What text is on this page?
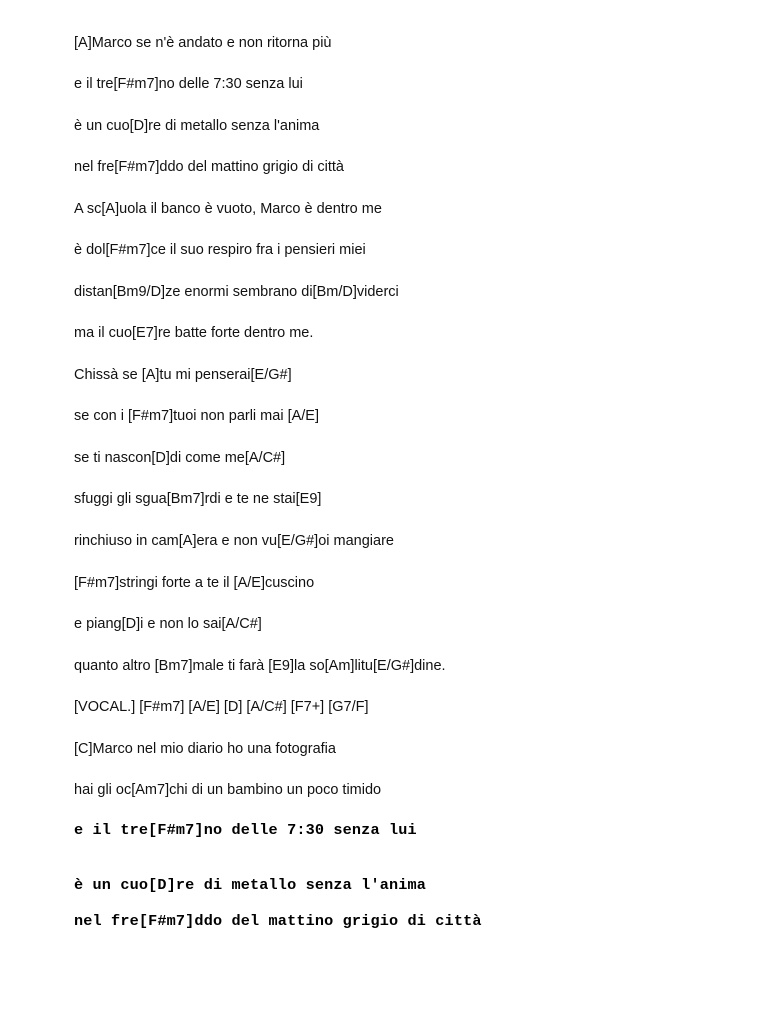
[A]Marco se n'è andato e non ritorna più
e il tre[F#m7]no delle 7:30 senza lui
è un cuo[D]re di metallo senza l'anima
nel fre[F#m7]ddo del mattino grigio di città
A sc[A]uola il banco è vuoto, Marco è dentro me
è dol[F#m7]ce il suo respiro fra i pensieri miei
distan[Bm9/D]ze enormi sembrano di[Bm/D]viderci
ma il cuo[E7]re batte forte dentro me.
Chissà se [A]tu mi penserai[E/G#]
se con i [F#m7]tuoi non parli mai [A/E]
se ti nascon[D]di come me[A/C#]
sfuggi gli sgua[Bm7]rdi e te ne stai[E9]
rinchiuso in cam[A]era e non vu[E/G#]oi mangiare
[F#m7]stringi forte a te il [A/E]cuscino
e piang[D]i e non lo sai[A/C#]
quanto altro [Bm7]male ti farà [E9]la so[Am]litu[E/G#]dine.
[VOCAL.] [F#m7] [A/E] [D] [A/C#] [F7+] [G7/F]
[C]Marco nel mio diario ho una fotografia
hai gli oc[Am7]chi di un bambino un poco timido
e il tre[F#m7]no delle 7:30 senza lui
è un cuo[D]re di metallo senza l'anima
nel fre[F#m7]ddo del mattino grigio di città
